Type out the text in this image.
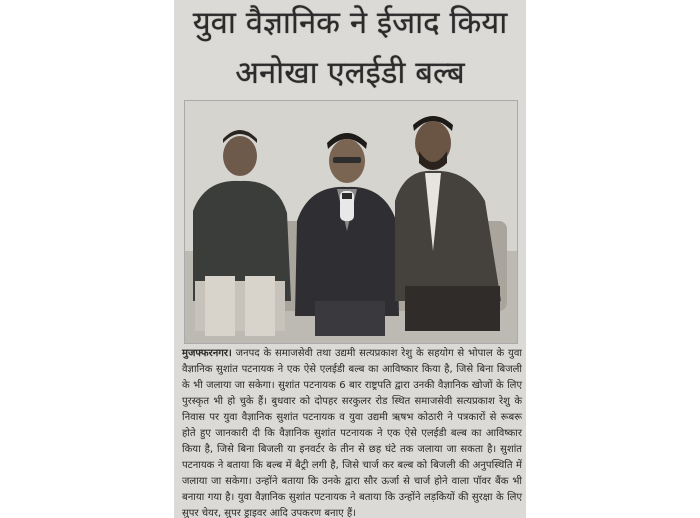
युवा वैज्ञानिक ने ईजाद किया
अनोखा एलईडी बल्ब
मुजफ्फरनगर। जनपद के समाजसेवी तथा उद्यमी सत्यप्रकाश रेशु के सहयोग से भोपाल के युवा वैज्ञानिक सुशांत पटनायक ने एक ऐसे एलईडी बल्ब का आविष्कार किया है, जिसे बिना बिजली के भी जलाया जा सकेगा। सुशांत पटनायक 6 बार राष्ट्रपति द्वारा उनकी वैज्ञानिक खोजों के लिए पुरस्कृत भी हो चुके हैं। बुधवार को दोपहर सरकुलर रोड स्थित समाजसेवी सत्यप्रकाश रेशु के निवास पर युवा वैज्ञानिक सुशांत पटनायक व युवा उद्यमी ऋषभ कोठारी ने पत्रकारों से रूबरू होते हुए जानकारी दी कि वैज्ञानिक सुशांत पटनायक ने एक ऐसे एलईडी बल्ब का आविष्कार किया है, जिसे बिना बिजली या इनवर्टर के तीन से छह घंटे तक जलाया जा सकता है। सुशांत पटनायक ने बताया कि बल्ब में बैट्री लगी है, जिसे चार्ज कर बल्ब को बिजली की अनुपस्थिति में जलाया जा सकेगा। उन्होंने बताया कि उनके द्वारा सौर ऊर्जा से चार्ज होने वाला पॉवर बैंक भी बनाया गया है। युवा वैज्ञानिक सुशांत पटनायक ने बताया कि उन्होंने लड़कियों की सुरक्षा के लिए सुपर चेयर, सुपर ड्राइवर आदि उपकरण बनाए हैं।
